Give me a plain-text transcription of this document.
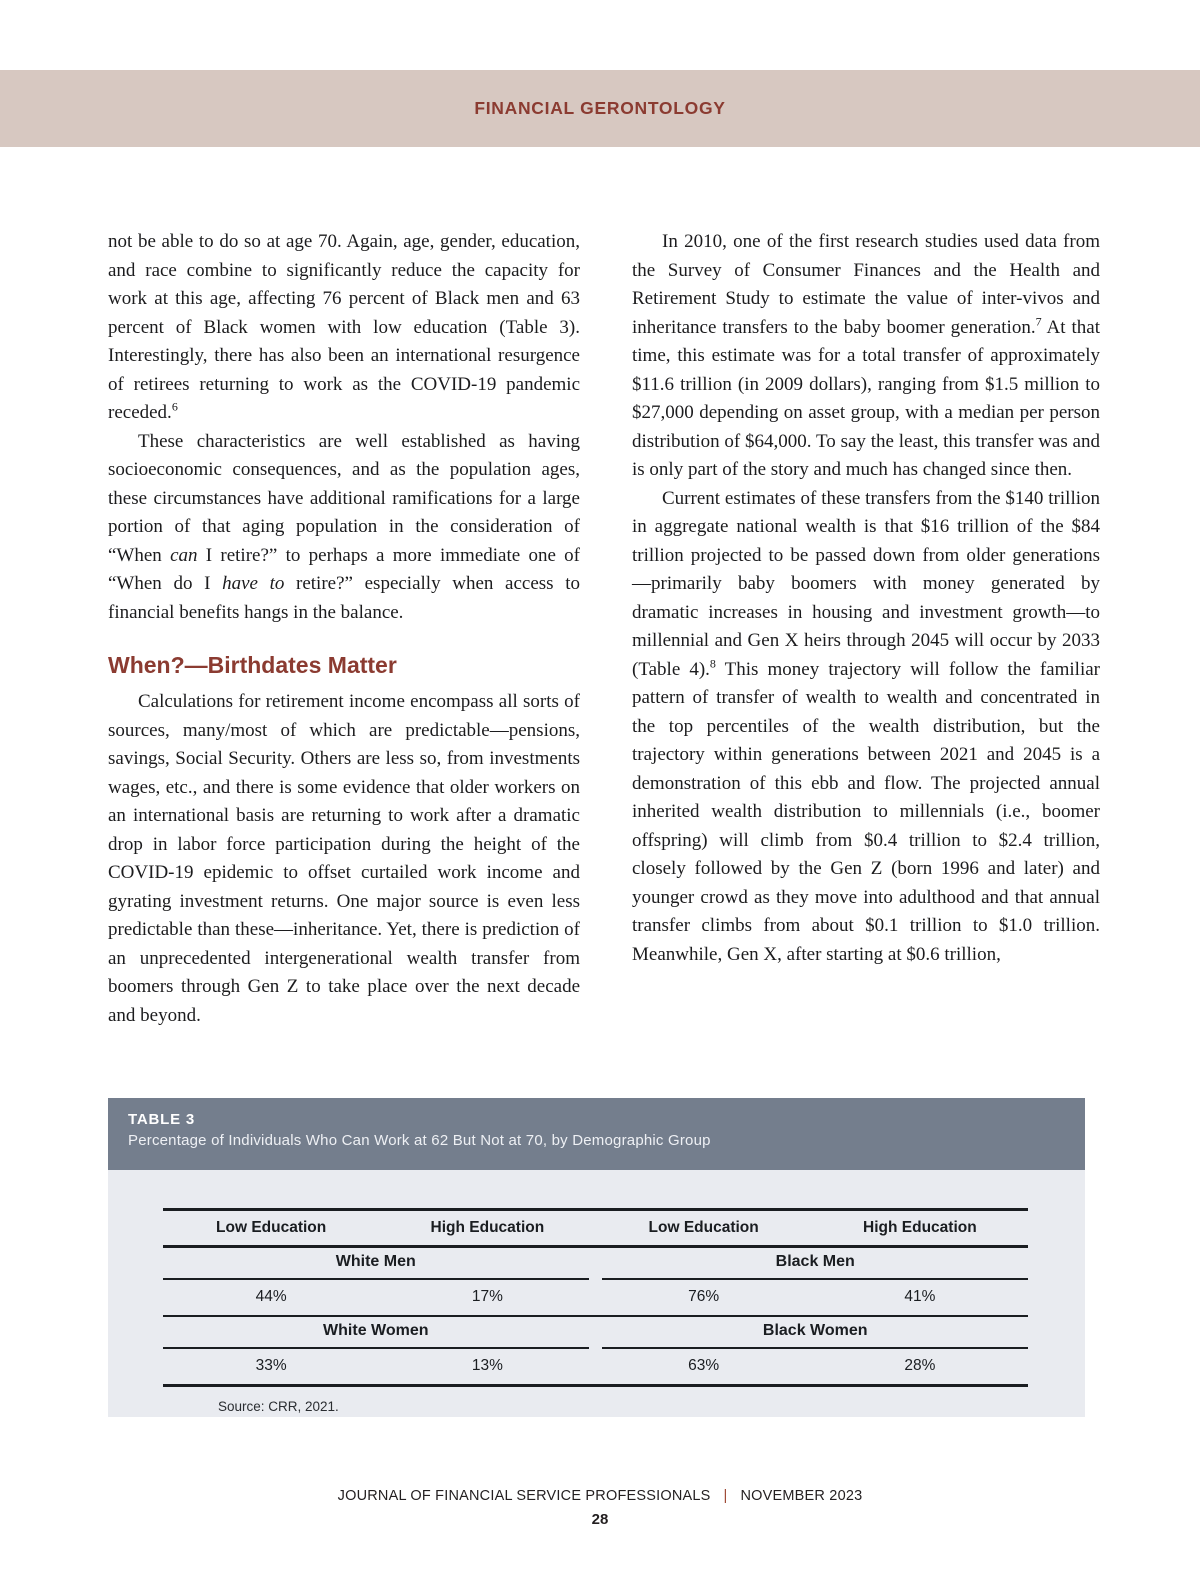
FINANCIAL GERONTOLOGY

not be able to do so at age 70. Again, age, gender, education, and race combine to significantly reduce the capacity for work at this age, affecting 76 percent of Black men and 63 percent of Black women with low education (Table 3). Interestingly, there has also been an international resurgence of retirees returning to work as the COVID-19 pandemic receded.$^6$

These characteristics are well established as having socioeconomic consequences, and as the population ages, these circumstances have additional ramifications for a large portion of that aging population in the consideration of “When can I retire?” to perhaps a more immediate one of “When do I have to retire?” especially when access to financial benefits hangs in the balance.

When?—Birthdates Matter

Calculations for retirement income encompass all sorts of sources, many/most of which are predictable—pensions, savings, Social Security. Others are less so, from investments wages, etc., and there is some evidence that older workers on an international basis are returning to work after a dramatic drop in labor force participation during the height of the COVID-19 epidemic to offset curtailed work income and gyrating investment returns. One major source is even less predictable than these—inheritance. Yet, there is prediction of an unprecedented intergenerational wealth transfer from boomers through Gen Z to take place over the next decade and beyond.

In 2010, one of the first research studies used data from the Survey of Consumer Finances and the Health and Retirement Study to estimate the value of inter-vivos and inheritance transfers to the baby boomer generation.$^7$ At that time, this estimate was for a total transfer of approximately $11.6 trillion (in 2009 dollars), ranging from $1.5 million to $27,000 depending on asset group, with a median per person distribution of $64,000. To say the least, this transfer was and is only part of the story and much has changed since then.

Current estimates of these transfers from the $140 trillion in aggregate national wealth is that $16 trillion of the $84 trillion projected to be passed down from older generations—primarily baby boomers with money generated by dramatic increases in housing and investment growth—to millennial and Gen X heirs through 2045 will occur by 2033 (Table 4).$^8$ This money trajectory will follow the familiar pattern of transfer of wealth to wealth and concentrated in the top percentiles of the wealth distribution, but the trajectory within generations between 2021 and 2045 is a demonstration of this ebb and flow. The projected annual inherited wealth distribution to millennials (i.e., boomer offspring) will climb from $0.4 trillion to $2.4 trillion, closely followed by the Gen Z (born 1996 and later) and younger crowd as they move into adulthood and that annual transfer climbs from about $0.1 trillion to $1.0 trillion. Meanwhile, Gen X, after starting at $0.6 trillion,

TABLE 3
Percentage of Individuals Who Can Work at 62 But Not at 70, by Demographic Group
Low Education	High Education	Low Education	High Education
White Men	Black Men
44%	17%	76%	41%
White Women	Black Women
33%	13%	63%	28%
Source: CRR, 2021.
JOURNAL OF FINANCIAL SERVICE PROFESSIONALS | NOVEMBER 2023
28
